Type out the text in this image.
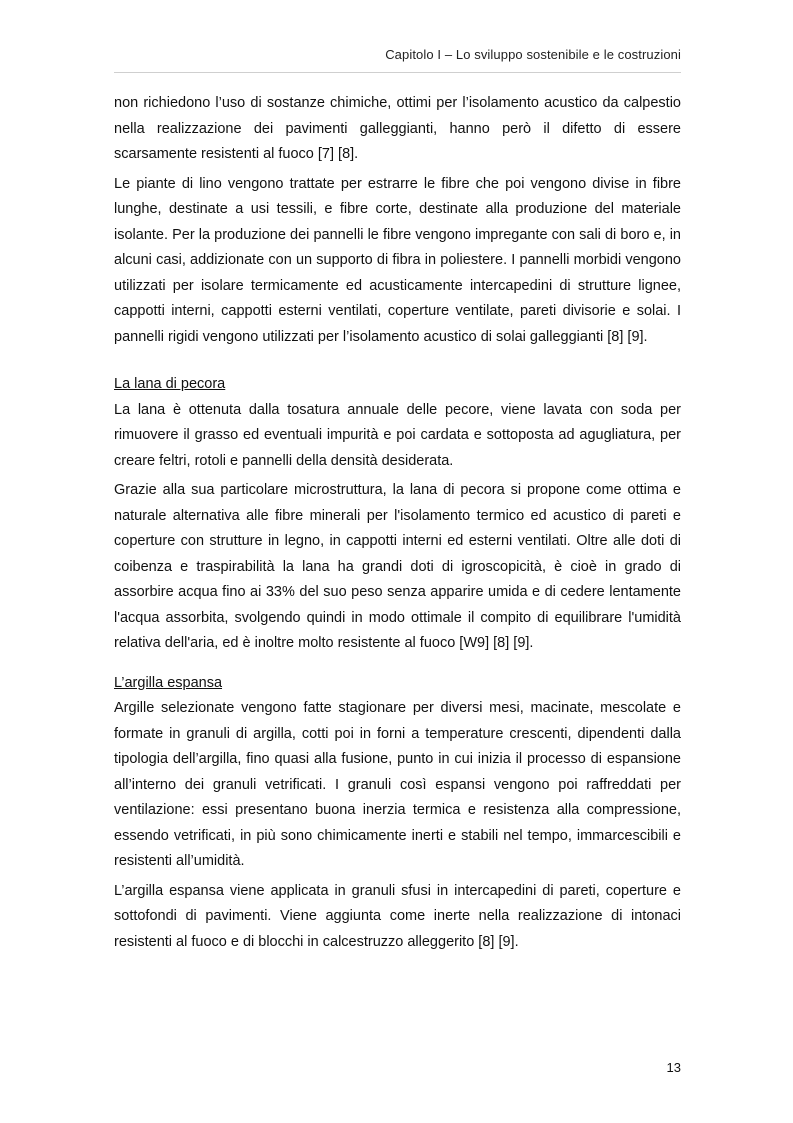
Capitolo I – Lo sviluppo sostenibile e le costruzioni

non richiedono l’uso di sostanze chimiche, ottimi per l’isolamento acustico da calpestio nella realizzazione dei pavimenti galleggianti, hanno però il difetto di essere scarsamente resistenti al fuoco [7] [8].

Le piante di lino vengono trattate per estrarre le fibre che poi vengono divise in fibre lunghe, destinate a usi tessili, e fibre corte, destinate alla produzione del materiale isolante. Per la produzione dei pannelli le fibre vengono impregante con sali di boro e, in alcuni casi, addizionate con un supporto di fibra in poliestere. I pannelli morbidi vengono utilizzati per isolare termicamente ed acusticamente intercapedini di strutture lignee, cappotti interni, cappotti esterni ventilati, coperture ventilate, pareti divisorie e solai. I pannelli rigidi vengono utilizzati per l’isolamento acustico di solai galleggianti [8] [9].

La lana di pecora

La lana è ottenuta dalla tosatura annuale delle pecore, viene lavata con soda per rimuovere il grasso ed eventuali impurità e poi cardata e sottoposta ad agugliatura, per creare feltri, rotoli e pannelli della densità desiderata.

Grazie alla sua particolare microstruttura, la lana di pecora si propone come ottima e naturale alternativa alle fibre minerali per l'isolamento termico ed acustico di pareti e coperture con strutture in legno, in cappotti interni ed esterni ventilati. Oltre alle doti di coibenza e traspirabilità la lana ha grandi doti di igroscopicità, è cioè in grado di assorbire acqua fino ai 33% del suo peso senza apparire umida e di cedere lentamente l'acqua assorbita, svolgendo quindi in modo ottimale il compito di equilibrare l'umidità relativa dell'aria, ed è inoltre molto resistente al fuoco [W9] [8] [9].

L’argilla espansa

Argille selezionate vengono fatte stagionare per diversi mesi, macinate, mescolate e formate in granuli di argilla, cotti poi in forni a temperature crescenti, dipendenti dalla tipologia dell’argilla, fino quasi alla fusione, punto in cui inizia il processo di espansione all’interno dei granuli vetrificati. I granuli così espansi vengono poi raffreddati per ventilazione: essi presentano buona inerzia termica e resistenza alla compressione, essendo vetrificati, in più sono chimicamente inerti e stabili nel tempo, immarcescibili e resistenti all’umidità.

L’argilla espansa viene applicata in granuli sfusi in intercapedini di pareti, coperture e sottofondi di pavimenti. Viene aggiunta come inerte nella realizzazione di intonaci resistenti al fuoco e di blocchi in calcestruzzo alleggerito [8] [9].

13
